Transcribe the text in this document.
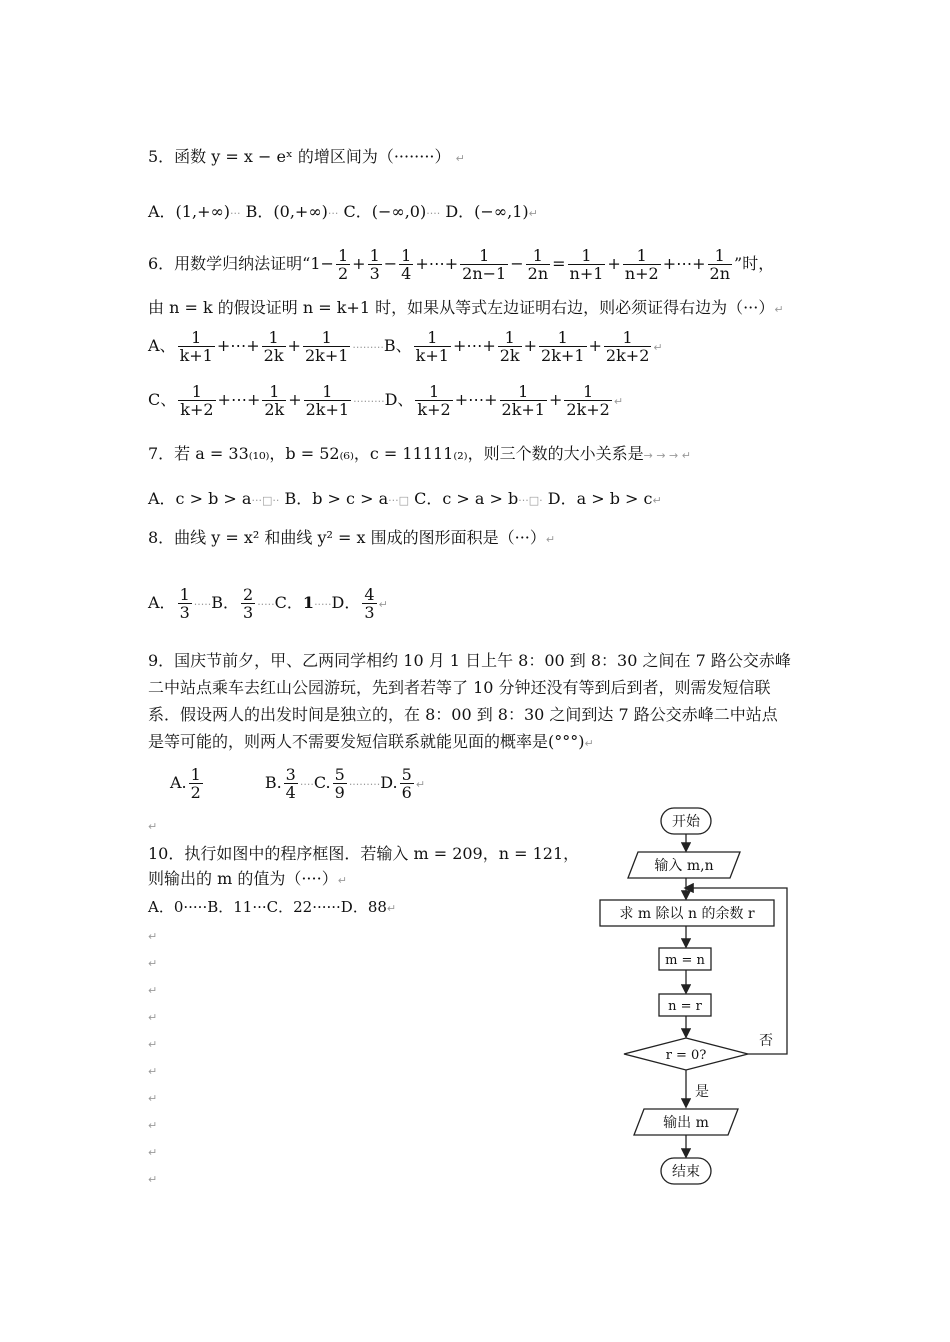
5．函数 y = x − eˣ 的增区间为（········） ↵
A．(1,+∞)··· B．(0,+∞)··· C．(−∞,0)···· D．(−∞,1)↵
6．用数学归纳法证明“$1- \frac{1}{2} + \frac{1}{3} - \frac{1}{4}$ +⋯+ $\frac{1}{2n-1} - \frac{1}{2n} = \frac{1}{n+1} + \frac{1}{n+2}$ +⋯+ $\frac{1}{2n}$ ”时，
由 n = k 的假设证明 n = k+1 时，如果从等式左边证明右边，则必须证得右边为（···）↵
A、 $\frac{1}{k+1}$ +⋯+ $\frac{1}{2k} + \frac{1}{2k+1} \cdot\cdot\cdot\cdot\cdot\cdot\cdot\cdot\cdot B$、 $\frac{1}{k+1}$ +⋯+ $\frac{1}{2k} + \frac{1}{2k+1} + \frac{1}{2k+2}$ ↵
C、 $\frac{1}{k+2}$ +⋯+ $\frac{1}{2k} + \frac{1}{2k+1} \cdot\cdot\cdot\cdot\cdot\cdot\cdot\cdot\cdot D$、 $\frac{1}{k+2}$ +⋯+ $\frac{1}{2k+1} + \frac{1}{2k+2}$ ↵
7．若 a = 33₍₁₀₎，b = 52₍₆₎，c = 11111₍₂₎，则三个数的大小关系是→ → → ↵
A．c > b > a···□·· B．b > c > a···□ C．c > a > b···□· D．a > b > c↵
8．曲线 y = x² 和曲线 y² = x 围成的图形面积是（···）↵
A． $\frac{1}{3} \cdot\cdot\cdot\cdot\cdot B$． $\frac{2}{3} \cdot\cdot\cdot\cdot\cdot C$．1·····D． $\frac{4}{3}$ ↵
9．国庆节前夕，甲、乙两同学相约 10 月 1 日上午 8：00 到 8：30 之间在 7 路公交赤峰
二中站点乘车去红山公园游玩，先到者若等了 10 分钟还没有等到后到者，则需发短信联
系．假设两人的出发时间是独立的，在 8：00 到 8：30 之间到达 7 路公交赤峰二中站点
是等可能的，则两人不需要发短信联系就能见面的概率是(°°°)↵
A. $\frac{1}{2}$	B. $\frac{3}{4} \cdot\cdot\cdot\cdot C$. $\frac{5}{9} \cdot\cdot\cdot\cdot\cdot\cdot\cdot\cdot\cdot D$. $\frac{5}{6}$ ↵
↵
10．执行如图中的程序框图．若输入 m = 209，n = 121，
则输出的 m 的值为（····）↵
A．0·····B．11···C．22······D．88↵
↵
↵
↵
↵
↵
↵
↵
↵
↵
↵
开始
输入 m,n
求 m 除以 n 的余数 r
m = n
n = r
r = 0?
否
是
输出 m
结束
